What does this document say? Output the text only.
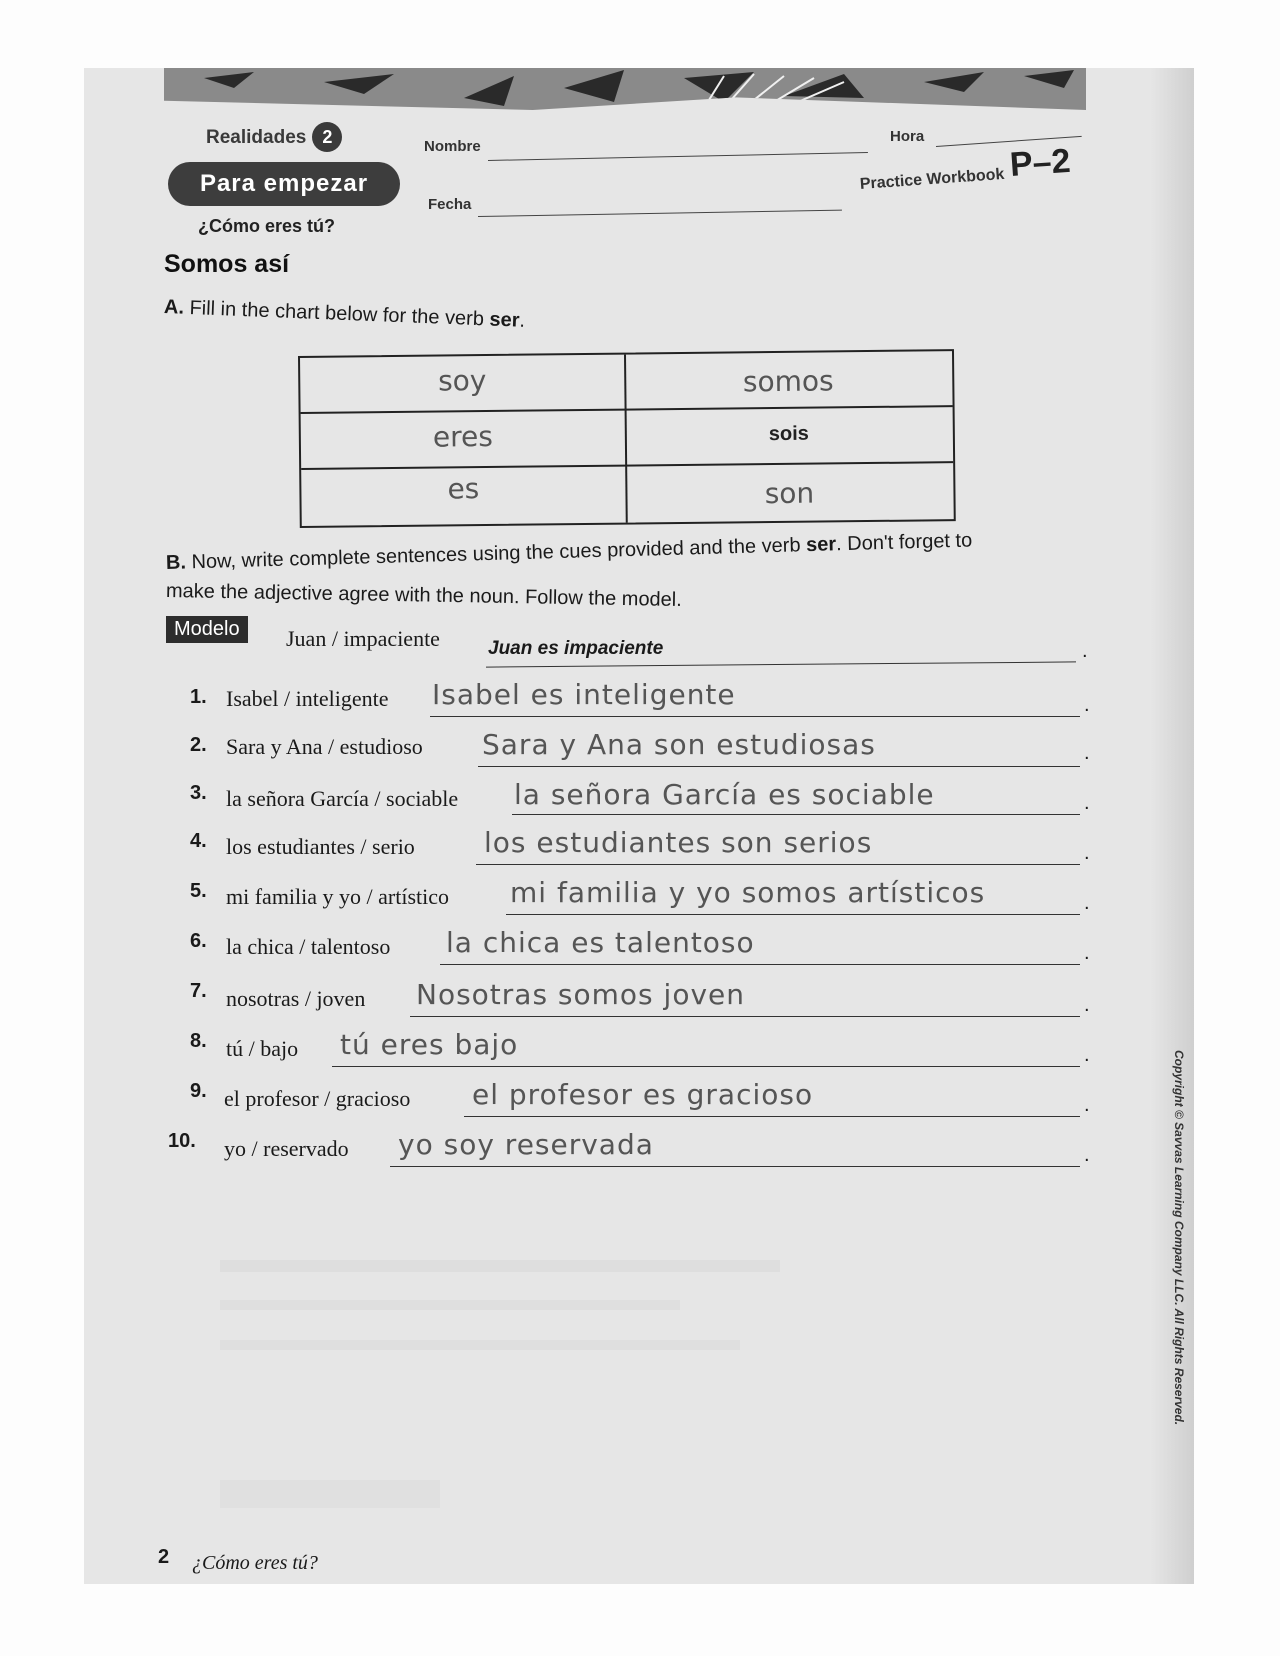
Realidades 2
Para empezar
¿Cómo eres tú?
Nombre
Hora
Fecha
Practice Workbook P–2
Somos así
A. Fill in the chart below for the verb ser.
soy	somos
eres	sois
es	son
B. Now, write complete sentences using the cues provided and the verb ser. Don't forget to
make the adjective agree with the noun. Follow the model.
Modelo	Juan / impaciente	Juan es impaciente	.
1. Isabel / inteligente Isabel es inteligente	.
2. Sara y Ana / estudioso Sara y Ana son estudiosas	.
3. la señora García / sociable la señora García es sociable	.
4. los estudiantes / serio los estudiantes son serios	.
5. mi familia y yo / artístico mi familia y yo somos artísticos	.
6. la chica / talentoso la chica es talentoso	.
7. nosotras / joven Nosotras somos joven	.
8. tú / bajo tú eres bajo	.
9. el profesor / gracioso el profesor es gracioso	.
10. yo / reservado yo soy reservada	.	Copyright © Savvas Learning Company LLC. All Rights Reserved.
2 ¿Cómo eres tú?
